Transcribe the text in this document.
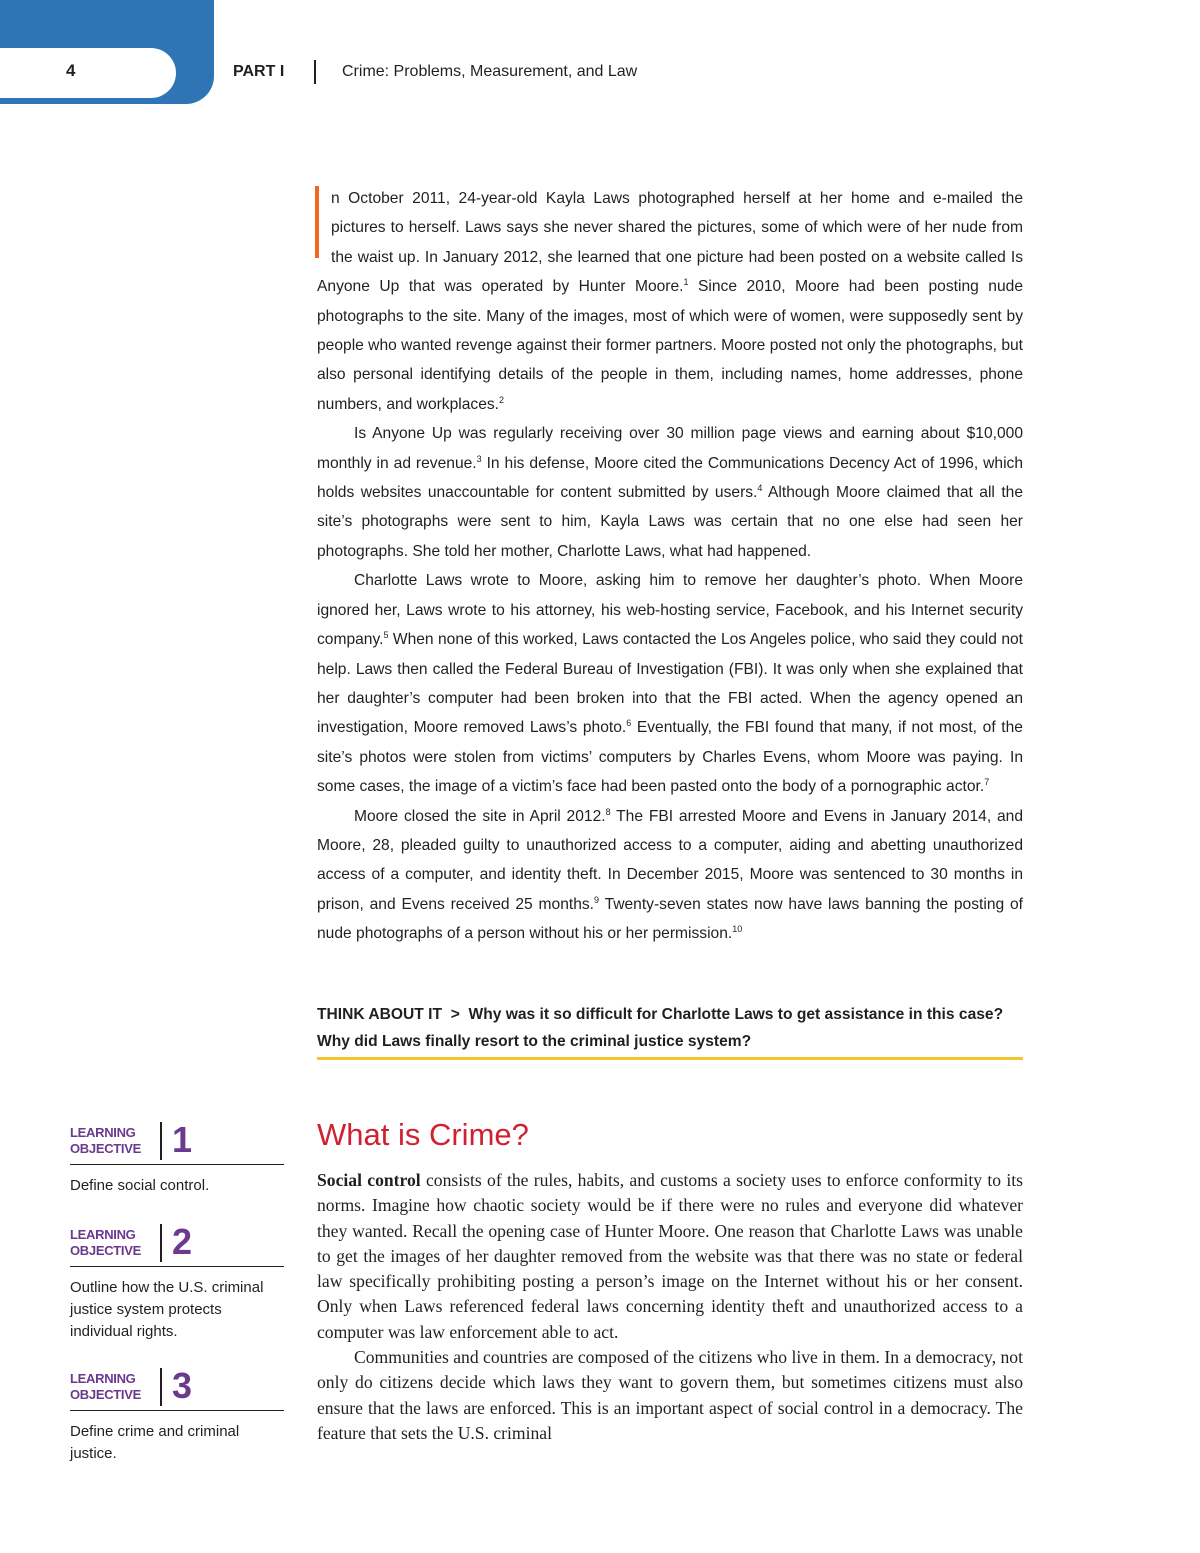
4	PART I	Crime: Problems, Measurement, and Law

n October 2011, 24-year-old Kayla Laws photographed herself at her home and e-mailed the pictures to herself. Laws says she never shared the pictures, some of which were of her nude from the waist up. In January 2012, she learned that one picture had been posted on a website called Is Anyone Up that was operated by Hunter Moore.$^1$ Since 2010, Moore had been posting nude photographs to the site. Many of the images, most of which were of women, were supposedly sent by people who wanted revenge against their former partners. Moore posted not only the photographs, but also personal identifying details of the people in them, including names, home addresses, phone numbers, and workplaces.$^2$

Is Anyone Up was regularly receiving over 30 million page views and earning about $10,000 monthly in ad revenue.$^3$ In his defense, Moore cited the Communications Decency Act of 1996, which holds websites unaccountable for content submitted by users.$^4$ Although Moore claimed that all the site’s photographs were sent to him, Kayla Laws was certain that no one else had seen her photographs. She told her mother, Charlotte Laws, what had happened.

Charlotte Laws wrote to Moore, asking him to remove her daughter’s photo. When Moore ignored her, Laws wrote to his attorney, his web-hosting service, Facebook, and his Internet security company.$^5$ When none of this worked, Laws contacted the Los Angeles police, who said they could not help. Laws then called the Federal Bureau of Investigation (FBI). It was only when she explained that her daughter’s computer had been broken into that the FBI acted. When the agency opened an investigation, Moore removed Laws’s photo.$^6$ Eventually, the FBI found that many, if not most, of the site’s photos were stolen from victims’ computers by Charles Evens, whom Moore was paying. In some cases, the image of a victim’s face had been pasted onto the body of a pornographic actor.$^7$

Moore closed the site in April 2012.$^8$ The FBI arrested Moore and Evens in January 2014, and Moore, 28, pleaded guilty to unauthorized access to a computer, aiding and abetting unauthorized access of a computer, and identity theft. In December 2015, Moore was sentenced to 30 months in prison, and Evens received 25 months.$^9$ Twenty-seven states now have laws banning the posting of nude photographs of a person without his or her permission.$^{10}$

THINK ABOUT IT > Why was it so difficult for Charlotte Laws to get assistance in this case? Why did Laws finally resort to the criminal justice system?
LEARNING
OBJECTIVE 1
Define social control.
LEARNING
OBJECTIVE 2
Outline how the U.S. criminal justice system protects individual rights.
LEARNING
OBJECTIVE 3
Define crime and criminal justice.
What is Crime?

Social control consists of the rules, habits, and customs a society uses to enforce conformity to its norms. Imagine how chaotic society would be if there were no rules and everyone did whatever they wanted. Recall the opening case of Hunter Moore. One reason that Charlotte Laws was unable to get the images of her daughter removed from the website was that there was no state or federal law specifically prohibiting posting a person’s image on the Internet without his or her consent. Only when Laws referenced federal laws concerning identity theft and unauthorized access to a computer was law enforcement able to act.

Communities and countries are composed of the citizens who live in them. In a democracy, not only do citizens decide which laws they want to govern them, but sometimes citizens must also ensure that the laws are enforced. This is an important aspect of social control in a democracy. The feature that sets the U.S. criminal
